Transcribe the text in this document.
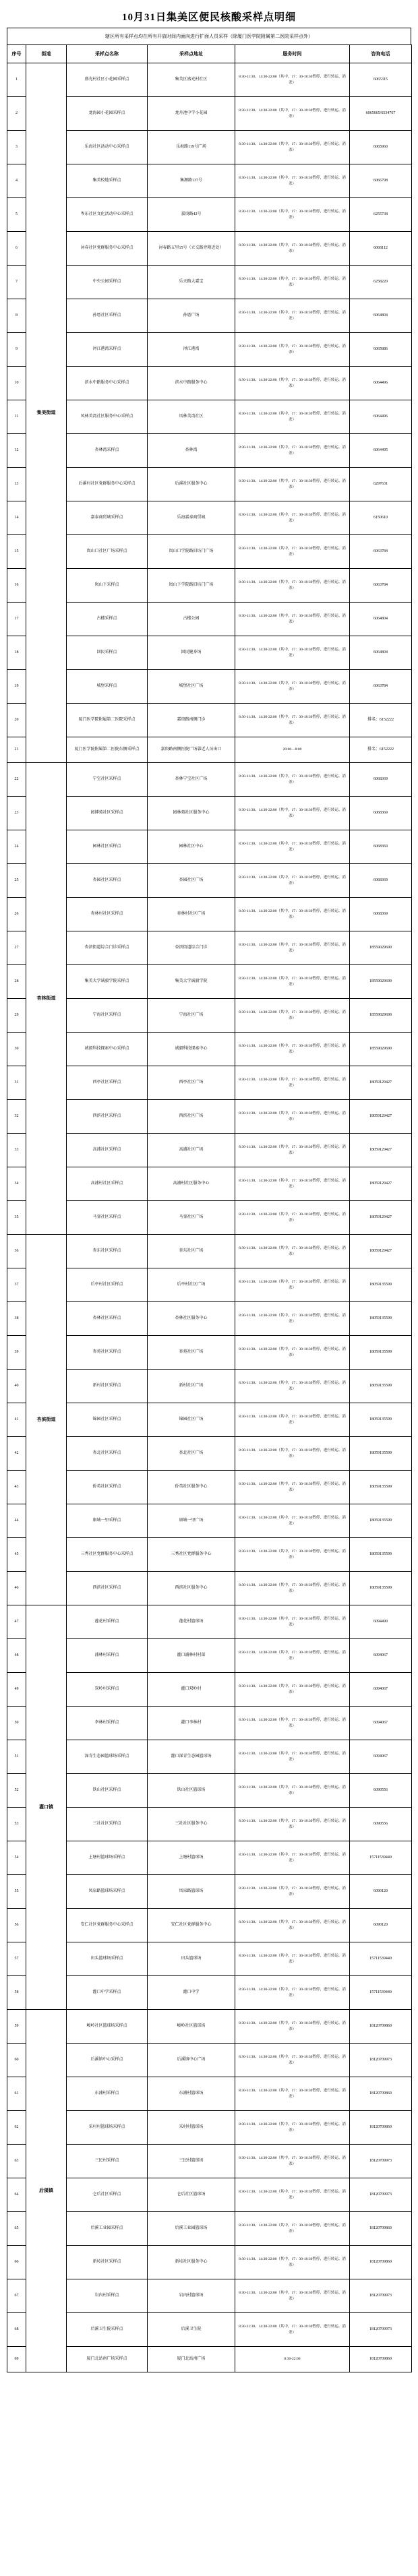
10月31日集美区便民核酸采样点明细
辖区所有采样点均在所有开放时间内面向进行扩面人员采样（除厦门医学院附属第二医院采样点外）
序号	街道	采样点名称	采样点地址	服务时间	咨询电话
1	集美街道	盛光村社区小花园采样点	集美区盛光村社区	8:30-11:30、14:30-22:00（其中，17：30-18:30暂停，进行转运、消杀）	6065315
2		龙海园小花园采样点	龙舟池中学小花园	8:30-11:30、14:30-22:00（其中，17：30-18:30暂停，进行转运、消杀）	6065665/6534767
3		乐海社区活动中心采样点	乐海路119号广场	8:30-11:30、14:30-22:00（其中，17：30-18:30暂停，进行转运、消杀）	6065960
4		集美校地采样点	集源路137号	8:30-11:30、14:30-22:00（其中，17：30-18:30暂停，进行转运、消杀）	6066798
5		岑东社区文化活动中心采样点	嘉庚路42号	8:30-11:30、14:30-22:00（其中，17：30-18:30暂停，进行转运、消杀）	6255738
6		浔春社区党群服务中心采样点	浔春路五里15号（立交路旁附近处）	8:30-11:30、14:30-22:00（其中，17：30-18:30暂停，进行转运、消杀）	6068112
7		中央公园采样点	乐天路大嘉宝	8:30-11:30、14:30-22:00（其中，17：30-18:30暂停，进行转运、消杀）	6258220
8		孙厝社区采样点	孙厝广场	8:30-11:30、14:30-22:00（其中，17：30-18:30暂停，进行转运、消杀）	6064804
9		浔江港湾采样点	浔江港湾	8:30-11:30、14:30-22:00（其中，17：30-18:30暂停，进行转运、消杀）	6065886
10		滨水中路服务中心采样点	滨水中路服务中心	8:30-11:30、14:30-22:00（其中，17：30-18:30暂停，进行转运、消杀）	6064496
11		凤林美湾社区服务中心采样点	凤林美湾社区	8:30-11:30、14:30-22:00（其中，17：30-18:30暂停，进行转运、消杀）	6064496
12		杏林湾采样点	杏林湾	8:30-11:30、14:30-22:00（其中，17：30-18:30暂停，进行转运、消杀）	6064495
13		后溪村社区党群服务中心采样点	后溪社区服务中心	8:30-11:30、14:30-22:00（其中，17：30-18:30暂停，进行转运、消杀）	6297631
14		嘉泰商贸城采样点	乐海嘉泰商贸城	8:30-11:30、14:30-22:00（其中，17：30-18:30暂停，进行转运、消杀）	6150610
15		岚山口社区广场采样点	岚山口学院路旧坊门广场	8:30-11:30、14:30-22:00（其中，17：30-18:30暂停，进行转运、消杀）	6063784
16		岚山下采样点	岚山下学院路旧坊门广场	8:30-11:30、14:30-22:00（其中，17：30-18:30暂停，进行转运、消杀）	6063784
17		古楼采样点	古楼公园	8:30-11:30、14:30-22:00（其中，17：30-18:30暂停，进行转运、消杀）	6064804
18		回民采样点	回民健身场	8:30-11:30、14:30-22:00（其中，17：30-18:30暂停，进行转运、消杀）	6064804
19		城堡采样点	城堡社区广场	8:30-11:30、14:30-22:00（其中，17：30-18:30暂停，进行转运、消杀）	6063784
20		厦门医学院附属第二医院采样点	嘉庚路南侧门诊	8:30-11:30、14:30-22:00（其中，17：30-18:30暂停，进行转运、消杀）	排名：6152222
21		厦门医学院附属第二医院东侧采样点	嘉庚路南侧医院广场靠近人员出口	20:00—8:00	排名：6152222
22	杏林街道	宁宝社区采样点	杏林宁宝社区广场	8:30-11:30、14:30-22:00（其中，17：30-18:30暂停，进行转运、消杀）	6068369
23		园博苑社区采样点	园林苑社区服务中心	8:30-11:30、14:30-22:00（其中，17：30-18:30暂停，进行转运、消杀）	6068369
24		园林社区采样点	园林社区中心	8:30-11:30、14:30-22:00（其中，17：30-18:30暂停，进行转运、消杀）	6068369
25		杏园社区采样点	杏园社区广场	8:30-11:30、14:30-22:00（其中，17：30-18:30暂停，进行转运、消杀）	6068369
26		杏林村社区采样点	杏林村社区广场	8:30-11:30、14:30-22:00（其中，17：30-18:30暂停，进行转运、消杀）	6068369
27		杏滨街道综合门诊采样点	杏滨街道综合门诊	8:30-11:30、14:30-22:00（其中，17：30-18:30暂停，进行转运、消杀）	18559029690
28		集美大学诚毅学院采样点	集美大学诚毅学院	8:30-11:30、14:30-22:00（其中，17：30-18:30暂停，进行转运、消杀）	18559029690
29		宁海社区采样点	宁海社区广场	8:30-11:30、14:30-22:00（其中，17：30-18:30暂停，进行转运、消杀）	18559029690
30		诚毅科技探索中心采样点	诚毅科技探索中心	8:30-11:30、14:30-22:00（其中，17：30-18:30暂停，进行转运、消杀）	18559029690
31		西亭社区采样点	西亭社区广场	8:30-11:30、14:30-22:00（其中，17：30-18:30暂停，进行转运、消杀）	18059129427
32		西滨社区采样点	西滨社区广场	8:30-11:30、14:30-22:00（其中，17：30-18:30暂停，进行转运、消杀）	18059129427
33		高浦社区采样点	高浦社区广场	8:30-11:30、14:30-22:00（其中，17：30-18:30暂停，进行转运、消杀）	18059129427
34		高浦村社区采样点	高浦村社区服务中心	8:30-11:30、14:30-22:00（其中，17：30-18:30暂停，进行转运、消杀）	18059129427
35		马銮社区采样点	马銮社区广场	8:30-11:30、14:30-22:00（其中，17：30-18:30暂停，进行转运、消杀）	18059129427
36	杏滨街道	杏东社区采样点	杏东社区广场	8:30-11:30、14:30-22:00（其中，17：30-18:30暂停，进行转运、消杀）	18059129427
37		后亭村社区采样点	后亭村社区广场	8:30-11:30、14:30-22:00（其中，17：30-18:30暂停，进行转运、消杀）	18059135599
38		杏林社区采样点	杏林社区服务中心	8:30-11:30、14:30-22:00（其中，17：30-18:30暂停，进行转运、消杀）	18059135599
39		杏苑社区采样点	杏苑社区广场	8:30-11:30、14:30-22:00（其中，17：30-18:30暂停，进行转运、消杀）	18059135599
40		新村社区采样点	新村社区广场	8:30-11:30、14:30-22:00（其中，17：30-18:30暂停，进行转运、消杀）	18059135599
41		锦园社区采样点	锦园社区广场	8:30-11:30、14:30-22:00（其中，17：30-18:30暂停，进行转运、消杀）	18059135599
42		杏北社区采样点	杏北社区广场	8:30-11:30、14:30-22:00（其中，17：30-18:30暂停，进行转运、消杀）	18059135599
43		侨英社区采样点	侨英社区服务中心	8:30-11:30、14:30-22:00（其中，17：30-18:30暂停，进行转运、消杀）	18059135599
44		康城一里采样点	康城一里广场	8:30-11:30、14:30-22:00（其中，17：30-18:30暂停，进行转运、消杀）	18059135599
45		三秀社区党群服务中心采样点	三秀社区党群服务中心	8:30-11:30、14:30-22:00（其中，17：30-18:30暂停，进行转运、消杀）	18059135599
46		西滨社区采样点	西滨社区服务中心	8:30-11:30、14:30-22:00（其中，17：30-18:30暂停，进行转运、消杀）	18059135599
47	灌口镇	莲花村采样点	莲花村篮球场	8:30-11:30、14:30-22:00（其中，17：30-18:30暂停，进行转运、消杀）	6094490
48		浦林村采样点	灌口浦林村村部	8:30-11:30、14:30-22:00（其中，17：30-18:30暂停，进行转运、消杀）	6094067
49		双岭村采样点	灌口双岭村	8:30-11:30、14:30-22:00（其中，17：30-18:30暂停，进行转运、消杀）	6094067
50		李林村采样点	灌口李林村	8:30-11:30、14:30-22:00（其中，17：30-18:30暂停，进行转运、消杀）	6094067
51		深青生态园篮球场采样点	灌口深青生态园篮球场	8:30-11:30、14:30-22:00（其中，17：30-18:30暂停，进行转运、消杀）	6094067
52		铁山社区采样点	铁山社区篮球场	8:30-11:30、14:30-22:00（其中，17：30-18:30暂停，进行转运、消杀）	6090556
53		三社社区采样点	三社社区服务中心	8:30-11:30、14:30-22:00（其中，17：30-18:30暂停，进行转运、消杀）	6090556
54		上塘村篮球场采样点	上塘村篮球场	8:30-11:30、14:30-22:00（其中，17：30-18:30暂停，进行转运、消杀）	15711539440
55		凤泉路篮球场采样点	凤泉路篮球场	8:30-11:30、14:30-22:00（其中，17：30-18:30暂停，进行转运、消杀）	6090120
56		安仁社区党群服务中心采样点	安仁社区党群服务中心	8:30-11:30、14:30-22:00（其中，17：30-18:30暂停，进行转运、消杀）	6090120
57		田头篮球场采样点	田头篮球场	8:30-11:30、14:30-22:00（其中，17：30-18:30暂停，进行转运、消杀）	15711539440
58		灌口中学采样点	灌口中学	8:30-11:30、14:30-22:00（其中，17：30-18:30暂停，进行转运、消杀）	15711539440
59	后溪镇	峻岭社区篮球场采样点	峻岭社区篮球场	8:30-11:30、14:30-22:00（其中，17：30-18:30暂停，进行转运、消杀）	18120709860
60		后溪镇中心采样点	后溪镇中心广场	8:30-11:30、14:30-22:00（其中，17：30-18:30暂停，进行转运、消杀）	18120709973
61		东浦村采样点	东浦村篮球场	8:30-11:30、14:30-22:00（其中，17：30-18:30暂停，进行转运、消杀）	18120709860
62		采村村篮球场采样点	采村村篮球场	8:30-11:30、14:30-22:00（其中，17：30-18:30暂停，进行转运、消杀）	18120709860
63		三民村采样点	三民村篮球场	8:30-11:30、14:30-22:00（其中，17：30-18:30暂停，进行转运、消杀）	18120709973
64		仑后社区采样点	仑后社区篮球场	8:30-11:30、14:30-22:00（其中，17：30-18:30暂停，进行转运、消杀）	18120709973
65		后溪工业园采样点	后溪工业园篮球场	8:30-11:30、14:30-22:00（其中，17：30-18:30暂停，进行转运、消杀）	18120709860
66		新垵社区采样点	新垵社区服务中心	8:30-11:30、14:30-22:00（其中，17：30-18:30暂停，进行转运、消杀）	18120709860
67		岩内村采样点	岩内村篮球场	8:30-11:30、14:30-22:00（其中，17：30-18:30暂停，进行转运、消杀）	18120709973
68		后溪卫生院采样点	后溪卫生院	8:30-11:30、14:30-22:00（其中，17：30-18:30暂停，进行转运、消杀）	18120709973
69		厦门北站南广场采样点	厦门北站南广场	8:30-22:00	18120709860
